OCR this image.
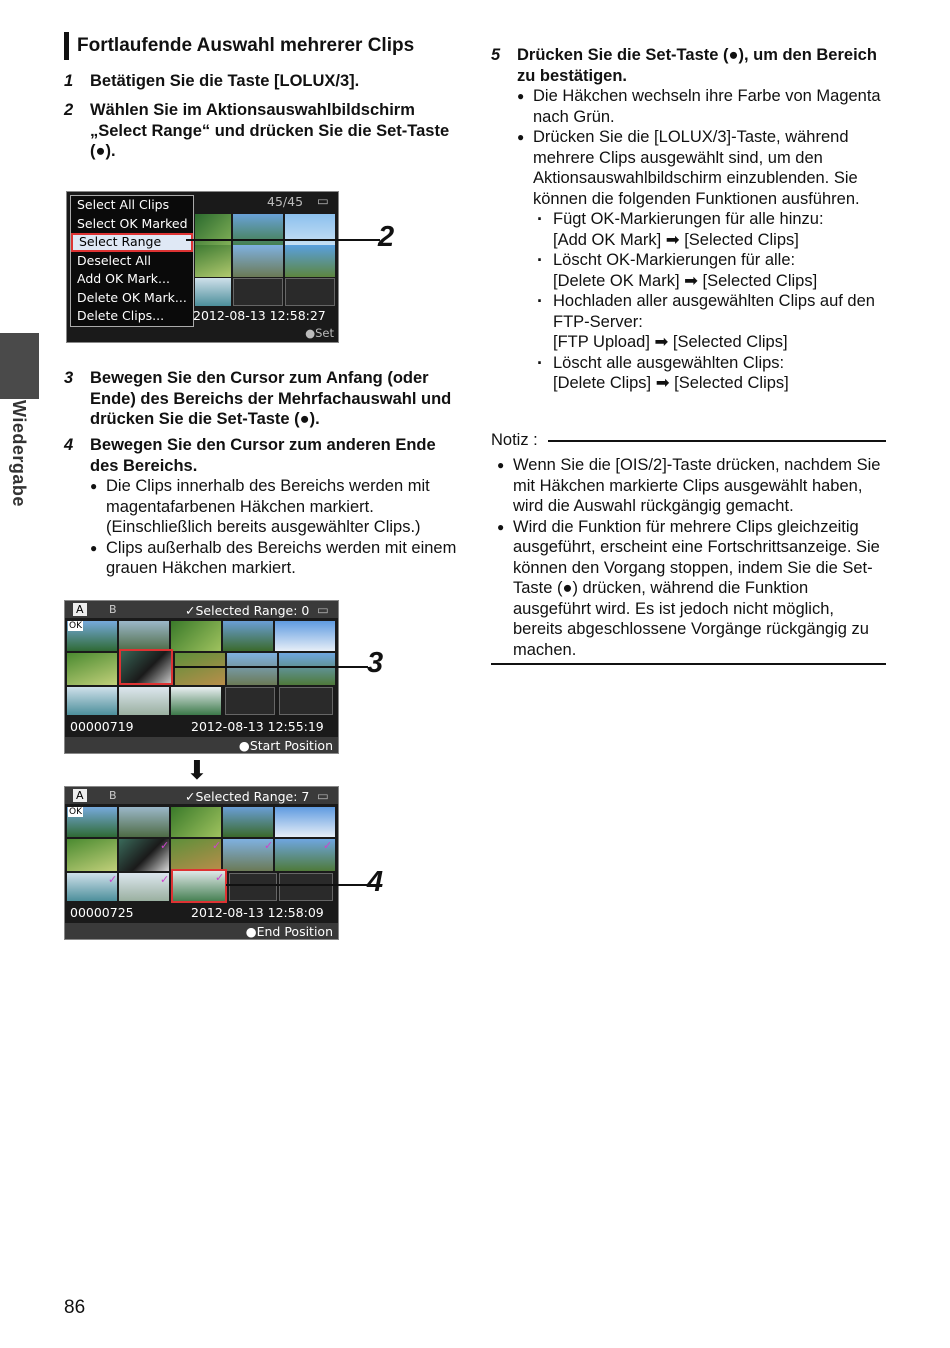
Fortlaufende Auswahl mehrerer Clips
Wiedergabe
1 Betätigen Sie die Taste [LOLUX/3].
2 Wählen Sie im Aktionsauswahlbildschirm „Select Range“ und drücken Sie die Set-Taste (●).
45/45 ▭
Select All Clips
Select OK Marked
Select Range
Deselect All
Add OK Mark...
Delete OK Mark...
Delete Clips...	2012-08-13 12:58:27
●Set
2
3 Bewegen Sie den Cursor zum Anfang (oder Ende) des Bereichs der Mehrfachauswahl und drücken Sie die Set-Taste (●).
4 Bewegen Sie den Cursor zum anderen Ende des Bereichs.
● Die Clips innerhalb des Bereichs werden mit magentafarbenen Häkchen markiert. (Einschließlich bereits ausgewählter Clips.)
● Clips außerhalb des Bereichs werden mit einem grauen Häkchen markiert.
A B	✓Selected Range: 0 ▭
OK
00000719	2012-08-13 12:55:19
●Start Position
3
⬇
A B	✓Selected Range: 7 ▭
OK
✓	✓	✓	✓
✓	✓	✓
00000725	2012-08-13 12:58:09
●End Position
4
5 Drücken Sie die Set-Taste (●), um den Bereich zu bestätigen.
● Die Häkchen wechseln ihre Farbe von Magenta nach Grün.
● Drücken Sie die [LOLUX/3]-Taste, während mehrere Clips ausgewählt sind, um den Aktionsauswahlbildschirm einzublenden. Sie können die folgenden Funktionen ausführen.
· Fügt OK-Markierungen für alle hinzu:
[Add OK Mark] ➡ [Selected Clips]
· Löscht OK-Markierungen für alle:
[Delete OK Mark] ➡ [Selected Clips]
· Hochladen aller ausgewählten Clips auf den FTP-Server:
[FTP Upload] ➡ [Selected Clips]
· Löscht alle ausgewählten Clips:
[Delete Clips] ➡ [Selected Clips]
Notiz :
● Wenn Sie die [OIS/2]-Taste drücken, nachdem Sie mit Häkchen markierte Clips ausgewählt haben, wird die Auswahl rückgängig gemacht.
● Wird die Funktion für mehrere Clips gleichzeitig ausgeführt, erscheint eine Fortschrittsanzeige. Sie können den Vorgang stoppen, indem Sie die Set-Taste (●) drücken, während die Funktion ausgeführt wird. Es ist jedoch nicht möglich, bereits abgeschlossene Vorgänge rückgängig zu machen.
86
